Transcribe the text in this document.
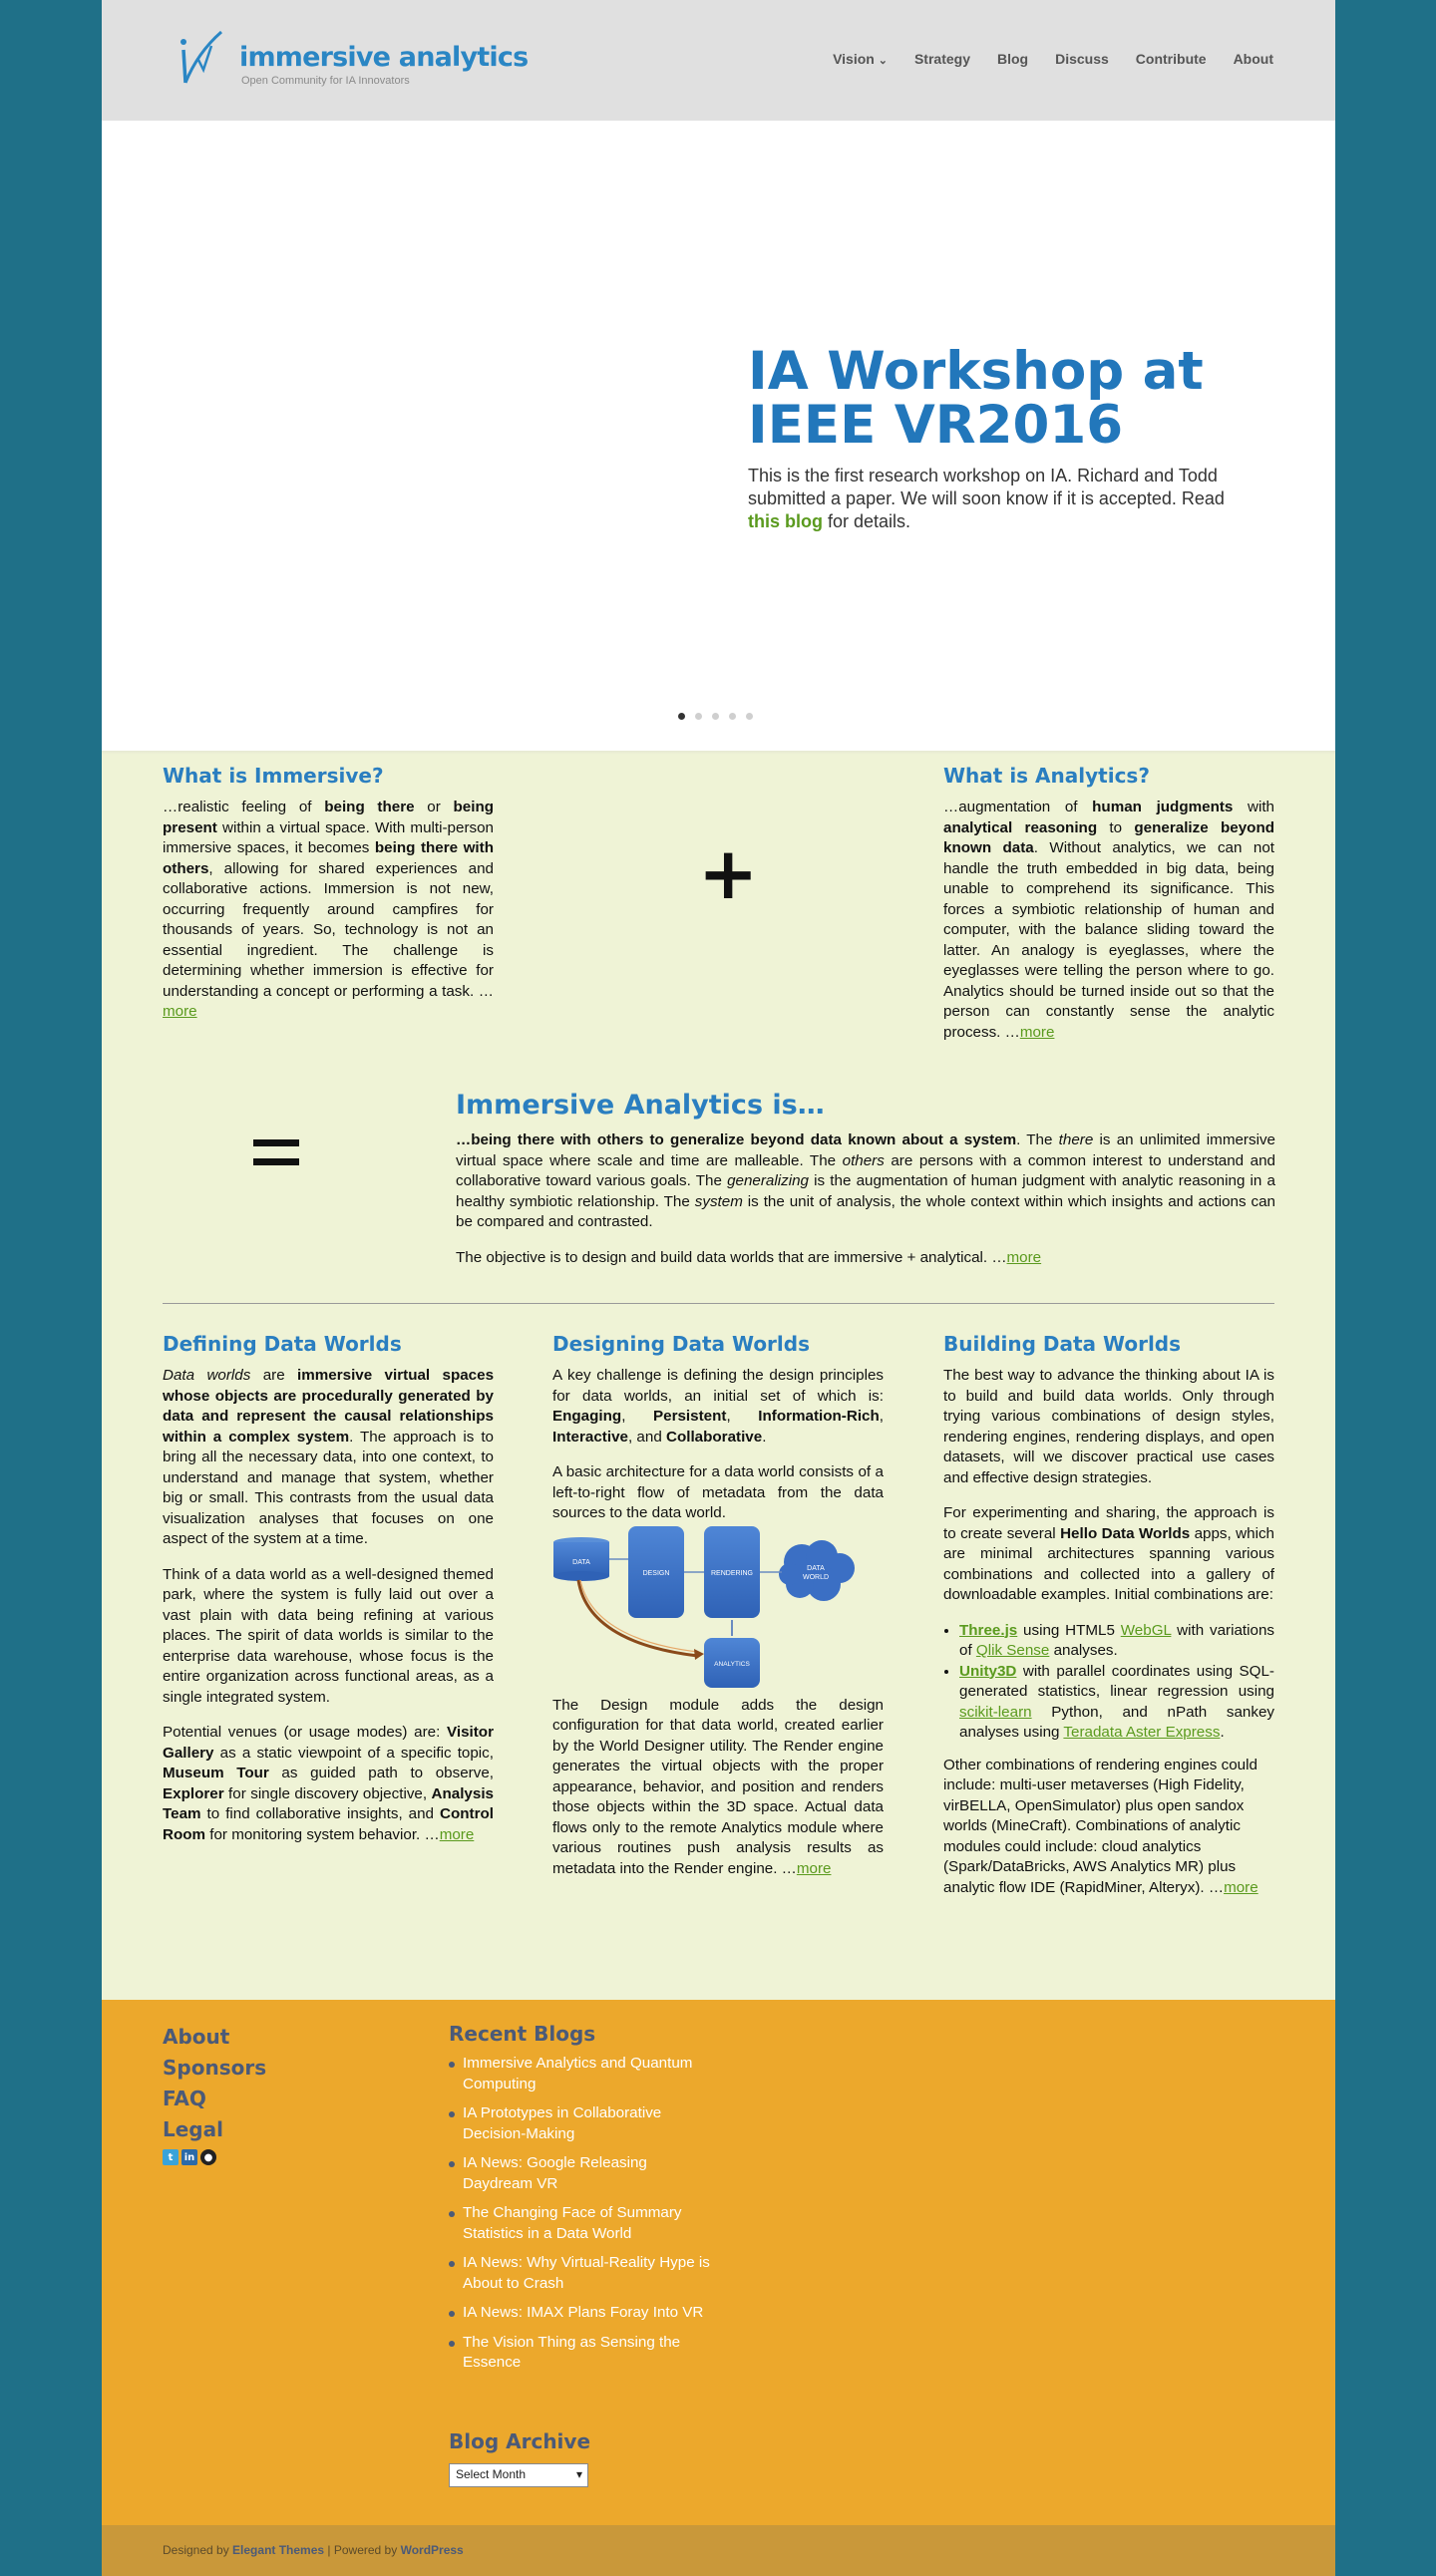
immersive analytics
Open Community for IA Innovators
Vision ⌄ Strategy Blog Discuss Contribute About
IA Workshop at IEEE VR2016
This is the first research workshop on IA. Richard and Todd submitted a paper. We will soon know if it is accepted. Read this blog for details.
What is Immersive?
…realistic feeling of being there or being present within a virtual space. With multi-person immersive spaces, it becomes being there with others, allowing for shared experiences and collaborative actions. Immersion is not new, occurring frequently around campfires for thousands of years. So, technology is not an essential ingredient. The challenge is determining whether immersion is effective for understanding a concept or performing a task. …more
+
What is Analytics?
…augmentation of human judgments with analytical reasoning to generalize beyond known data. Without analytics, we can not handle the truth embedded in big data, being unable to comprehend its significance. This forces a symbiotic relationship of human and computer, with the balance sliding toward the latter. An analogy is eyeglasses, where the eyeglasses were telling the person where to go. Analytics should be turned inside out so that the person can constantly sense the analytic process. …more
Immersive Analytics is…

…being there with others to generalize beyond data known about a system. The there is an unlimited immersive virtual space where scale and time are malleable. The others are persons with a common interest to understand and collaborative toward various goals. The generalizing is the augmentation of human judgment with analytic reasoning in a healthy symbiotic relationship. The system is the unit of analysis, the whole context within which insights and actions can be compared and contrasted.

The objective is to design and build data worlds that are immersive + analytical. …more

Defining Data Worlds

Data worlds are immersive virtual spaces whose objects are procedurally generated by data and represent the causal relationships within a complex system. The approach is to bring all the necessary data, into one context, to understand and manage that system, whether big or small. This contrasts from the usual data visualization analyses that focuses on one aspect of the system at a time.

Think of a data world as a well-designed themed park, where the system is fully laid out over a vast plain with data being refining at various places. The spirit of data worlds is similar to the enterprise data warehouse, whose focus is the entire organization across functional areas, as a single integrated system.

Potential venues (or usage modes) are: Visitor Gallery as a static viewpoint of a specific topic, Museum Tour as guided path to observe, Explorer for single discovery objective, Analysis Team to find collaborative insights, and Control Room for monitoring system behavior. …more

Designing Data Worlds

A key challenge is defining the design principles for data worlds, an initial set of which is: Engaging, Persistent, Information-Rich, Interactive, and Collaborative.

A basic architecture for a data world consists of a left-to-right flow of metadata from the data sources to the data world.

DATA
DESIGN	RENDERING
DATA
WORLD
ANALYTICS

The Design module adds the design configuration for that data world, created earlier by the World Designer utility. The Render engine generates the virtual objects with the proper appearance, behavior, and position and renders those objects within the 3D space. Actual data flows only to the remote Analytics module where various routines push analysis results as metadata into the Render engine. …more

Building Data Worlds

The best way to advance the thinking about IA is to build and build data worlds. Only through trying various combinations of design styles, rendering engines, rendering displays, and open datasets, will we discover practical use cases and effective design strategies.

For experimenting and sharing, the approach is to create several Hello Data Worlds apps, which are minimal architectures spanning various combinations and collected into a gallery of downloadable examples. Initial combinations are:

• Three.js using HTML5 WebGL with variations of Qlik Sense analyses.
• Unity3D with parallel coordinates using SQL-generated statistics, linear regression using scikit-learn Python, and nPath sankey analyses using Teradata Aster Express.

Other combinations of rendering engines could include: multi-user metaverses (High Fidelity, virBELLA, OpenSimulator) plus open sandox worlds (MineCraft). Combinations of analytic modules could include: cloud analytics (Spark/DataBricks, AWS Analytics MR) plus analytic flow IDE (RapidMiner, Alteryx). …more

About
Sponsors
FAQ
Legal
t	in ●
Recent Blogs
Immersive Analytics and Quantum Computing
IA Prototypes in Collaborative Decision-Making
IA News: Google Releasing Daydream VR
The Changing Face of Summary Statistics in a Data World
IA News: Why Virtual-Reality Hype is About to Crash
IA News: IMAX Plans Foray Into VR
The Vision Thing as Sensing the Essence
Blog Archive
Select Month ▾
Designed by Elegant Themes | Powered by WordPress
